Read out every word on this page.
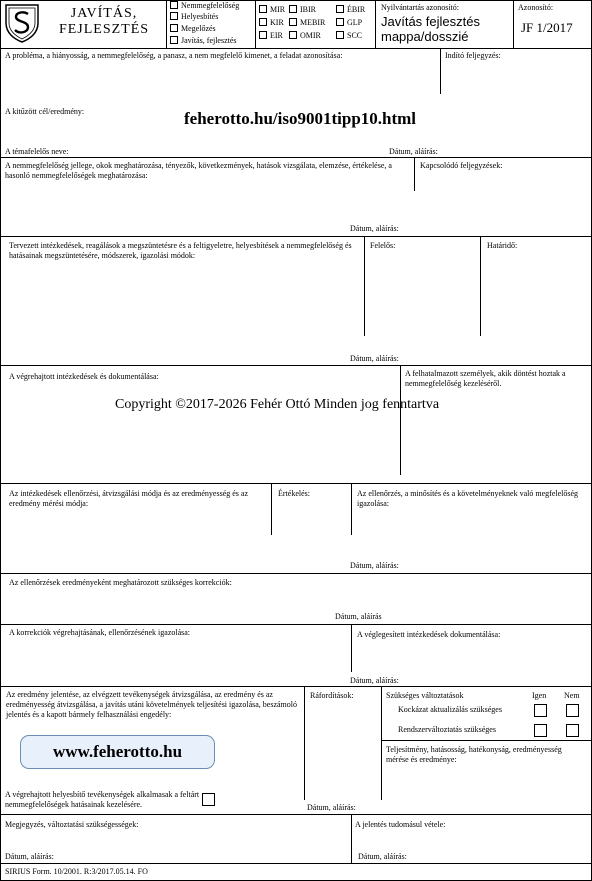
JAVÍTÁS,
FEJLESZTÉS
Nemmegfelelőség
Helyesbítés
Megelőzés
Javítás, fejlesztés
MIR	IBIR	ÉBIR
KIR	MEBIR	GLP
EIR	OMIR	SCC
Nyilvántartás azonosító:
Javítás fejlesztés mappa/dosszié
Azonosító:
JF 1/2017
A probléma, a hiányosság, a nemmegfelelőség, a panasz, a nem megfelelő kimenet, a feladat azonosítása:	Indító feljegyzés:
A kitűzött cél/eredmény:	feherotto.hu/iso9001tipp10.html
A témafelelős neve:	Dátum, aláírás:
A nemmegfelelőség jellege, okok meghatározása, tényezők, következmények, hatások vizsgálata, elemzése, értékelése, a hasonló nemmegfelelőségek meghatározása:
Kapcsolódó feljegyzések:
Dátum, aláírás:
Tervezett intézkedések, reagálások a megszüntetésre és a feltigyeletre, helyesbítések a nemmegfelelőség és hatásainak megszüntetésére, módszerek, igazolási módok:
Felelős:	Határidő:
Dátum, aláírás:
A végrehajtott intézkedések és dokumentálása:	A felhatalmazott személyek, akik döntést hoztak a nemmegfelelőség kezeléséről.
Copyright ©2017-2026 Fehér Ottó Minden jog fenntartva
Az intézkedések ellenőrzési, átvizsgálási módja és az eredményesség és az eredmény mérési módja:
Értékelés:	Az ellenőrzés, a minősítés és a követelményeknek való megfelelőség igazolása:
Dátum, aláírás:
Az ellenőrzések eredményeként meghatározott szükséges korrekciók:
Dátum, aláírás
A korrekciók végrehajtásának, ellenőrzésének igazolása:	A véglegesített intézkedések dokumentálása:
Dátum, aláírás:
Az eredmény jelentése, az elvégzett tevékenységek átvizsgálása, az eredmény és az eredményesség átvizsgálása, a javítás utáni követelmények teljesítési igazolása, beszámoló jelentés és a kapott bármely felhasználási engedély:
www.feherotto.hu
Ráfordítások:	Szükséges változtatások	Igen Nem
Kockázat aktualizálás szükséges
Rendszerváltoztatás szükséges
Teljesítmény, hatásosság, hatékonyság, eredményesség mérése és eredménye:
A végrehajtott helyesbítő tevékenységek alkalmasak a feltárt nemmegfelelőségek hatásainak kezelésére.	Dátum, aláírás:
Megjegyzés, változtatási szükségességek:	A jelentés tudomásul vétele:
Dátum, aláírás:	Dátum, aláírás:
SIRIUS Form. 10/2001. R:3/2017.05.14. FO
